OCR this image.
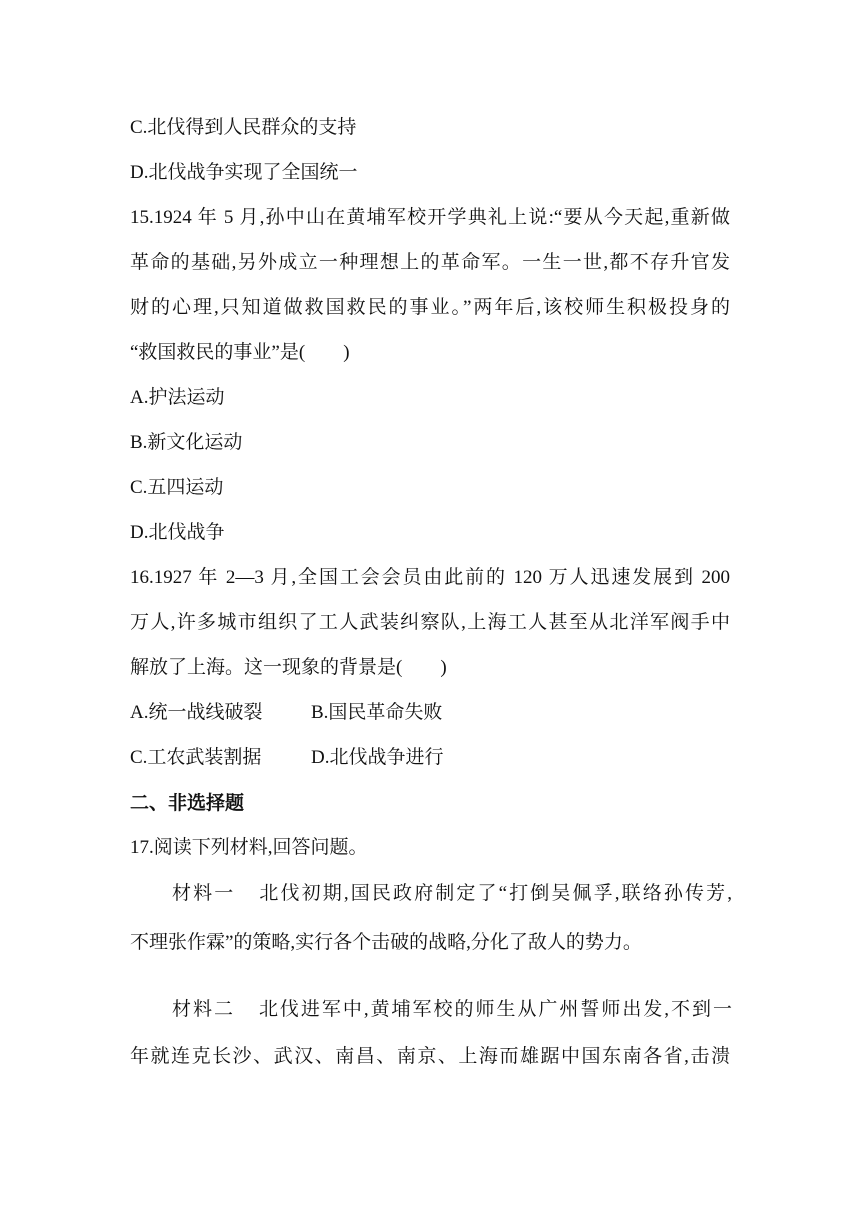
C.北伐得到人民群众的支持
D.北伐战争实现了全国统一
15.1924 年 5 月,孙中山在黄埔军校开学典礼上说:“要从今天起,重新做
革命的基础,另外成立一种理想上的革命军。一生一世,都不存升官发
财的心理,只知道做救国救民的事业。”两年后,该校师生积极投身的
“救国救民的事业”是(　　)
A.护法运动
B.新文化运动
C.五四运动
D.北伐战争
16.1927 年 2—3 月,全国工会会员由此前的 120 万人迅速发展到 200
万人,许多城市组织了工人武装纠察队,上海工人甚至从北洋军阀手中
解放了上海。这一现象的背景是(　　)
A.统一战线破裂	B.国民革命失败
C.工农武装割据	D.北伐战争进行
二、非选择题
17.阅读下列材料,回答问题。
材料一 北伐初期,国民政府制定了“打倒吴佩孚,联络孙传芳,
不理张作霖”的策略,实行各个击破的战略,分化了敌人的势力。
材料二 北伐进军中,黄埔军校的师生从广州誓师出发,不到一
年就连克长沙、武汉、南昌、南京、上海而雄踞中国东南各省,击溃
